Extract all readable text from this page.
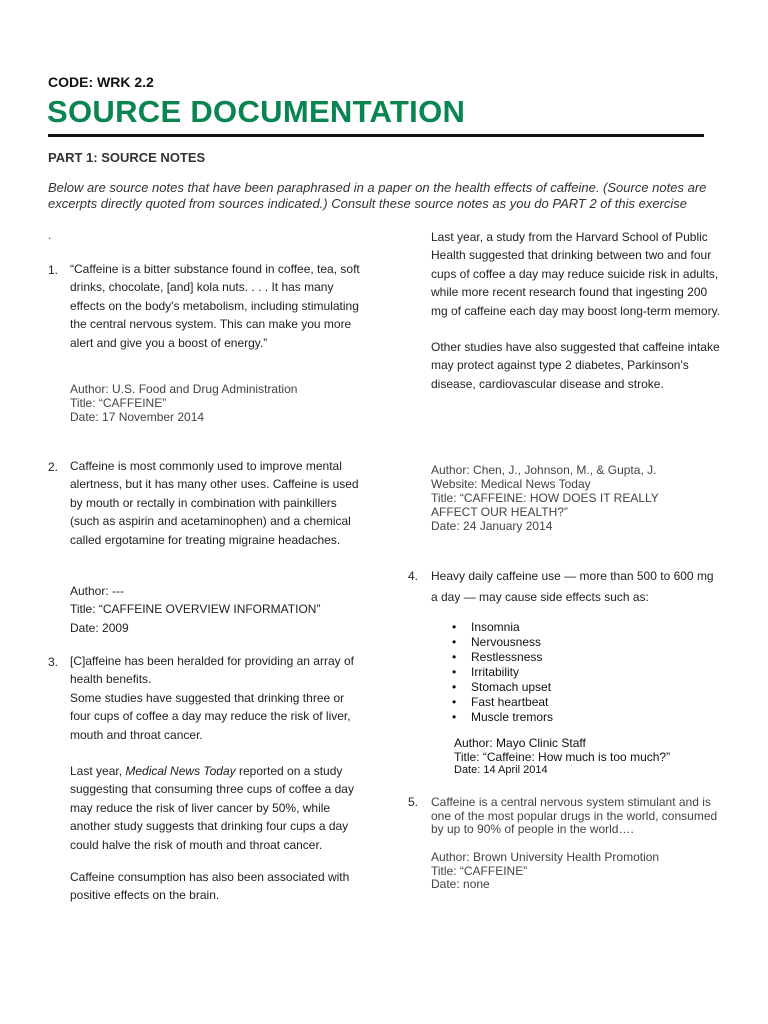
CODE: WRK 2.2
SOURCE DOCUMENTATION
PART 1: SOURCE NOTES
Below are source notes that have been paraphrased in a paper on the health effects of caffeine. (Source notes are excerpts directly quoted from sources indicated.) Consult these source notes as you do PART 2 of this exercise
.
1. “Caffeine is a bitter substance found in coffee, tea, soft drinks, chocolate, [and] kola nuts. . . . It has many effects on the body's metabolism, including stimulating the central nervous system. This can make you more alert and give you a boost of energy.”
Author: U.S. Food and Drug Administration
Title: “CAFFEINE”
Date: 17 November 2014
2. Caffeine is most commonly used to improve mental alertness, but it has many other uses. Caffeine is used by mouth or rectally in combination with painkillers (such as aspirin and acetaminophen) and a chemical called ergotamine for treating migraine headaches.
Author: ---
Title: “CAFFEINE OVERVIEW INFORMATION”
Date: 2009
3. [C]affeine has been heralded for providing an array of health benefits.

Some studies have suggested that drinking three or four cups of coffee a day may reduce the risk of liver, mouth and throat cancer.

Last year, Medical News Today reported on a study suggesting that consuming three cups of coffee a day may reduce the risk of liver cancer by 50%, while another study suggests that drinking four cups a day could halve the risk of mouth and throat cancer.

Caffeine consumption has also been associated with positive effects on the brain.

Last year, a study from the Harvard School of Public Health suggested that drinking between two and four cups of coffee a day may reduce suicide risk in adults, while more recent research found that ingesting 200 mg of caffeine each day may boost long-term memory.

Other studies have also suggested that caffeine intake may protect against type 2 diabetes, Parkinson's disease, cardiovascular disease and stroke.

Author: Chen, J., Johnson, M., & Gupta, J.
Website: Medical News Today
Title: “CAFFEINE: HOW DOES IT REALLY AFFECT OUR HEALTH?”
Date: 24 January 2014
4. Heavy daily caffeine use — more than 500 to 600 mg a day — may cause side effects such as:
• Insomnia
• Nervousness
• Restlessness
• Irritability
• Stomach upset
• Fast heartbeat
• Muscle tremors
Author: Mayo Clinic Staff
Title: “Caffeine: How much is too much?”
Date: 14 April 2014
5. Caffeine is a central nervous system stimulant and is one of the most popular drugs in the world, consumed by up to 90% of people in the world….
Author: Brown University Health Promotion
Title: “CAFFEINE”
Date: none
